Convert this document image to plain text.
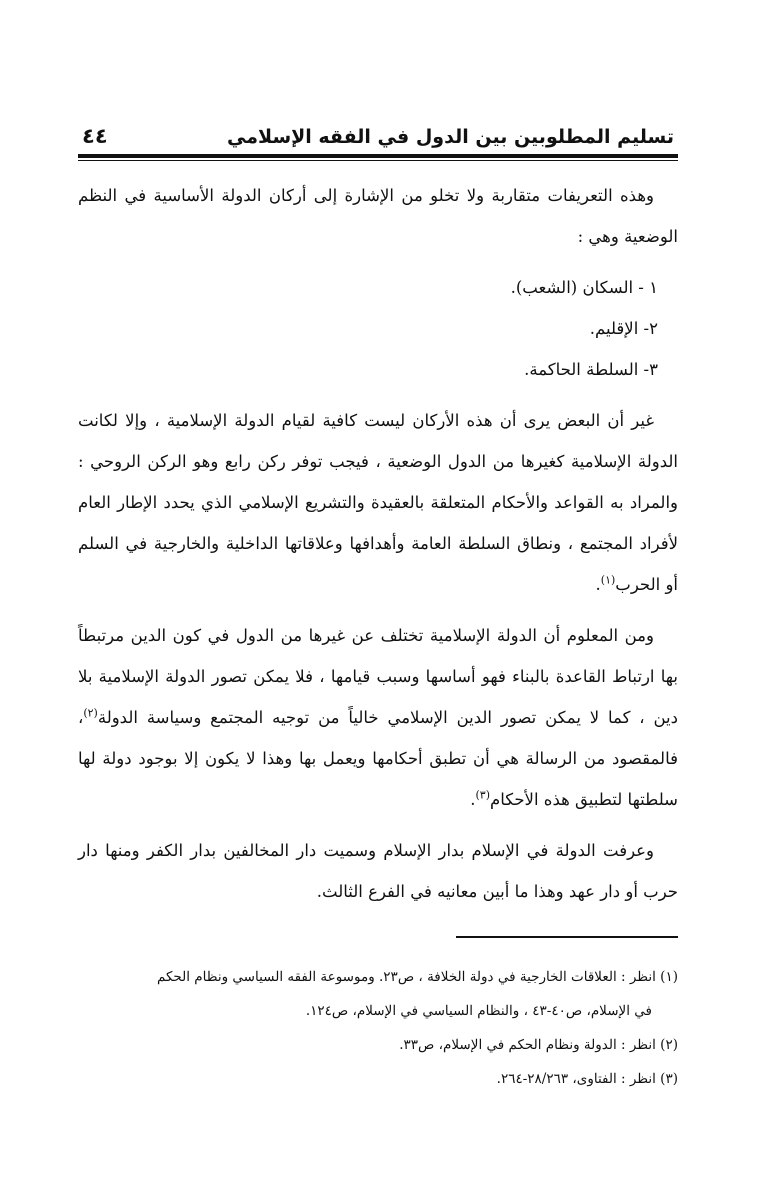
تسليم المطلوبين بين الدول في الفقه الإسلامي
٤٤

وهذه التعريفات متقاربة ولا تخلو من الإشارة إلى أركان الدولة الأساسية في النظم الوضعية وهي :

١ - السكان (الشعب).

٢- الإقليم.

٣- السلطة الحاكمة.

غير أن البعض يرى أن هذه الأركان ليست كافية لقيام الدولة الإسلامية ، وإلا لكانت الدولة الإسلامية كغيرها من الدول الوضعية ، فيجب توفر ركن رابع وهو الركن الروحي : والمراد به القواعد والأحكام المتعلقة بالعقيدة والتشريع الإسلامي الذي يحدد الإطار العام لأفراد المجتمع ، ونطاق السلطة العامة وأهدافها وعلاقاتها الداخلية والخارجية في السلم أو الحرب$^{(١)}$.

ومن المعلوم أن الدولة الإسلامية تختلف عن غيرها من الدول في كون الدين مرتبطاً بها ارتباط القاعدة بالبناء فهو أساسها وسبب قيامها ، فلا يمكن تصور الدولة الإسلامية بلا دين ، كما لا يمكن تصور الدين الإسلامي خالياً من توجيه المجتمع وسياسة الدولة$^{(٢)}$، فالمقصود من الرسالة هي أن تطبق أحكامها ويعمل بها وهذا لا يكون إلا بوجود دولة لها سلطتها لتطبيق هذه الأحكام$^{(٣)}$.

وعرفت الدولة في الإسلام بدار الإسلام وسميت دار المخالفين بدار الكفر ومنها دار حرب أو دار عهد وهذا ما أبين معانيه في الفرع الثالث.

(١) انظر : العلاقات الخارجية في دولة الخلافة ، ص٢٣. وموسوعة الفقه السياسي ونظام الحكم
في الإسلام، ص٤٠-٤٣ ، والنظام السياسي في الإسلام، ص١٢٤.

(٢) انظر : الدولة ونظام الحكم في الإسلام، ص٣٣.

(٣) انظر : الفتاوى، ٢٨/٢٦٣-٢٦٤.
